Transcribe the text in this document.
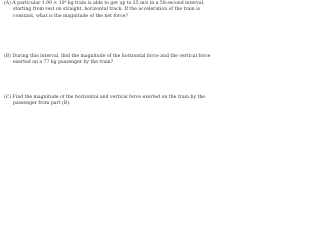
(A) A particular 1.99 × 10⁶ kg train is able to get up to 25 m/s in a 58-second interval,
starting from rest on straight, horizontal track. If the acceleration of the train is
constant, what is the magnitude of the net force?
(B) During this interval, find the magnitude of the horizontal force and the vertical force
exerted on a 77 kg passenger by the train?
(C) Find the magnitude of the horizontal and vertical force exerted on the train by the
passenger from part (B).
